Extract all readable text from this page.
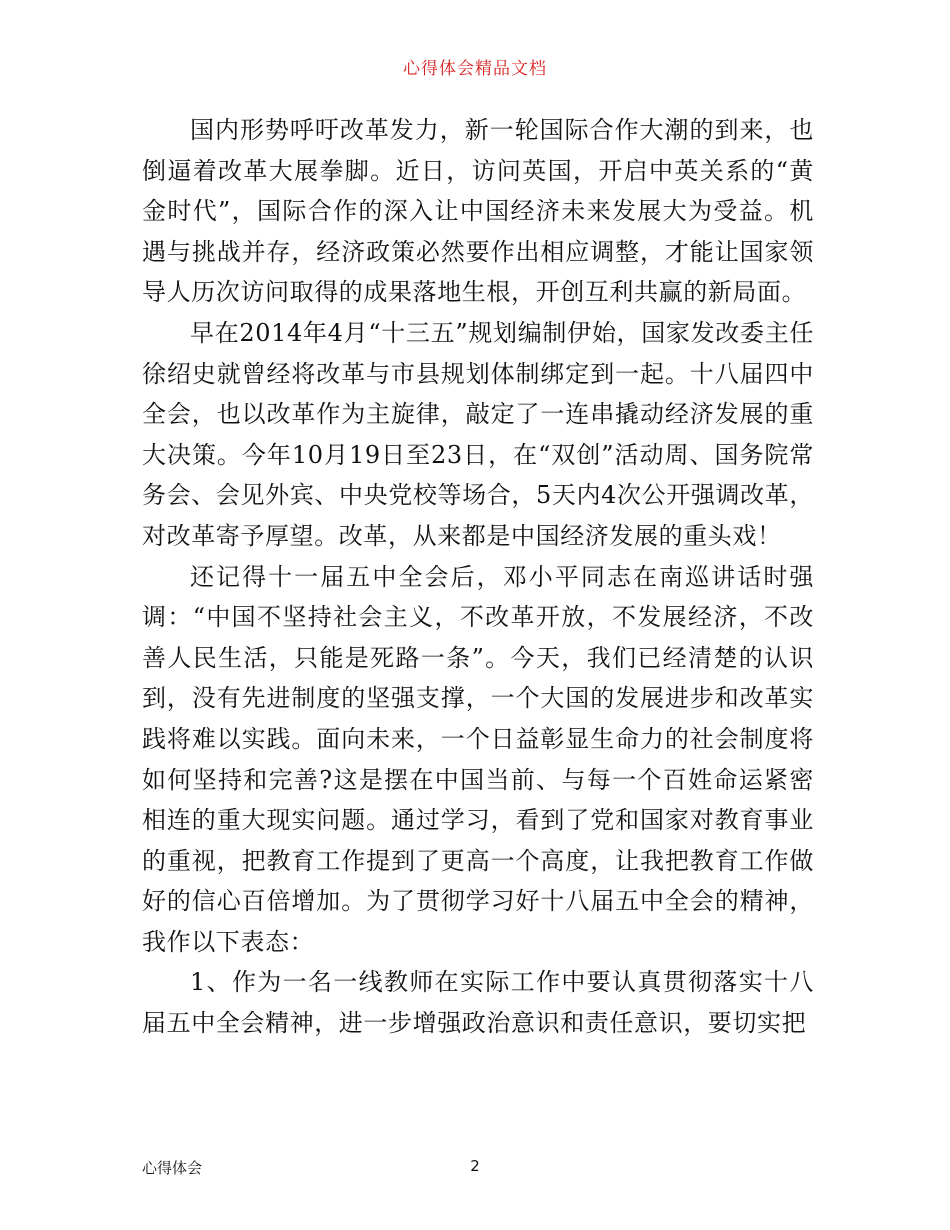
心得体会精品文档

国内形势呼吁改革发力，新一轮国际合作大潮的到来，也倒逼着改革大展拳脚。近日，访问英国，开启中英关系的“黄金时代”，国际合作的深入让中国经济未来发展大为受益。机遇与挑战并存，经济政策必然要作出相应调整，才能让国家领导人历次访问取得的成果落地生根，开创互利共赢的新局面。

早在2014年4月“十三五”规划编制伊始，国家发改委主任徐绍史就曾经将改革与市县规划体制绑定到一起。十八届四中全会，也以改革作为主旋律，敲定了一连串撬动经济发展的重大决策。今年10月19日至23日，在“双创”活动周、国务院常务会、会见外宾、中央党校等场合，5天内4次公开强调改革，对改革寄予厚望。改革，从来都是中国经济发展的重头戏！

还记得十一届五中全会后，邓小平同志在南巡讲话时强调：“中国不坚持社会主义，不改革开放，不发展经济，不改善人民生活，只能是死路一条”。今天，我们已经清楚的认识到，没有先进制度的坚强支撑，一个大国的发展进步和改革实践将难以实践。面向未来，一个日益彰显生命力的社会制度将如何坚持和完善?这是摆在中国当前、与每一个百姓命运紧密相连的重大现实问题。通过学习，看到了党和国家对教育事业的重视，把教育工作提到了更高一个高度，让我把教育工作做好的信心百倍增加。为了贯彻学习好十八届五中全会的精神，我作以下表态：

1、作为一名一线教师在实际工作中要认真贯彻落实十八届五中全会精神，进一步增强政治意识和责任意识，要切实把

心得体会	2
